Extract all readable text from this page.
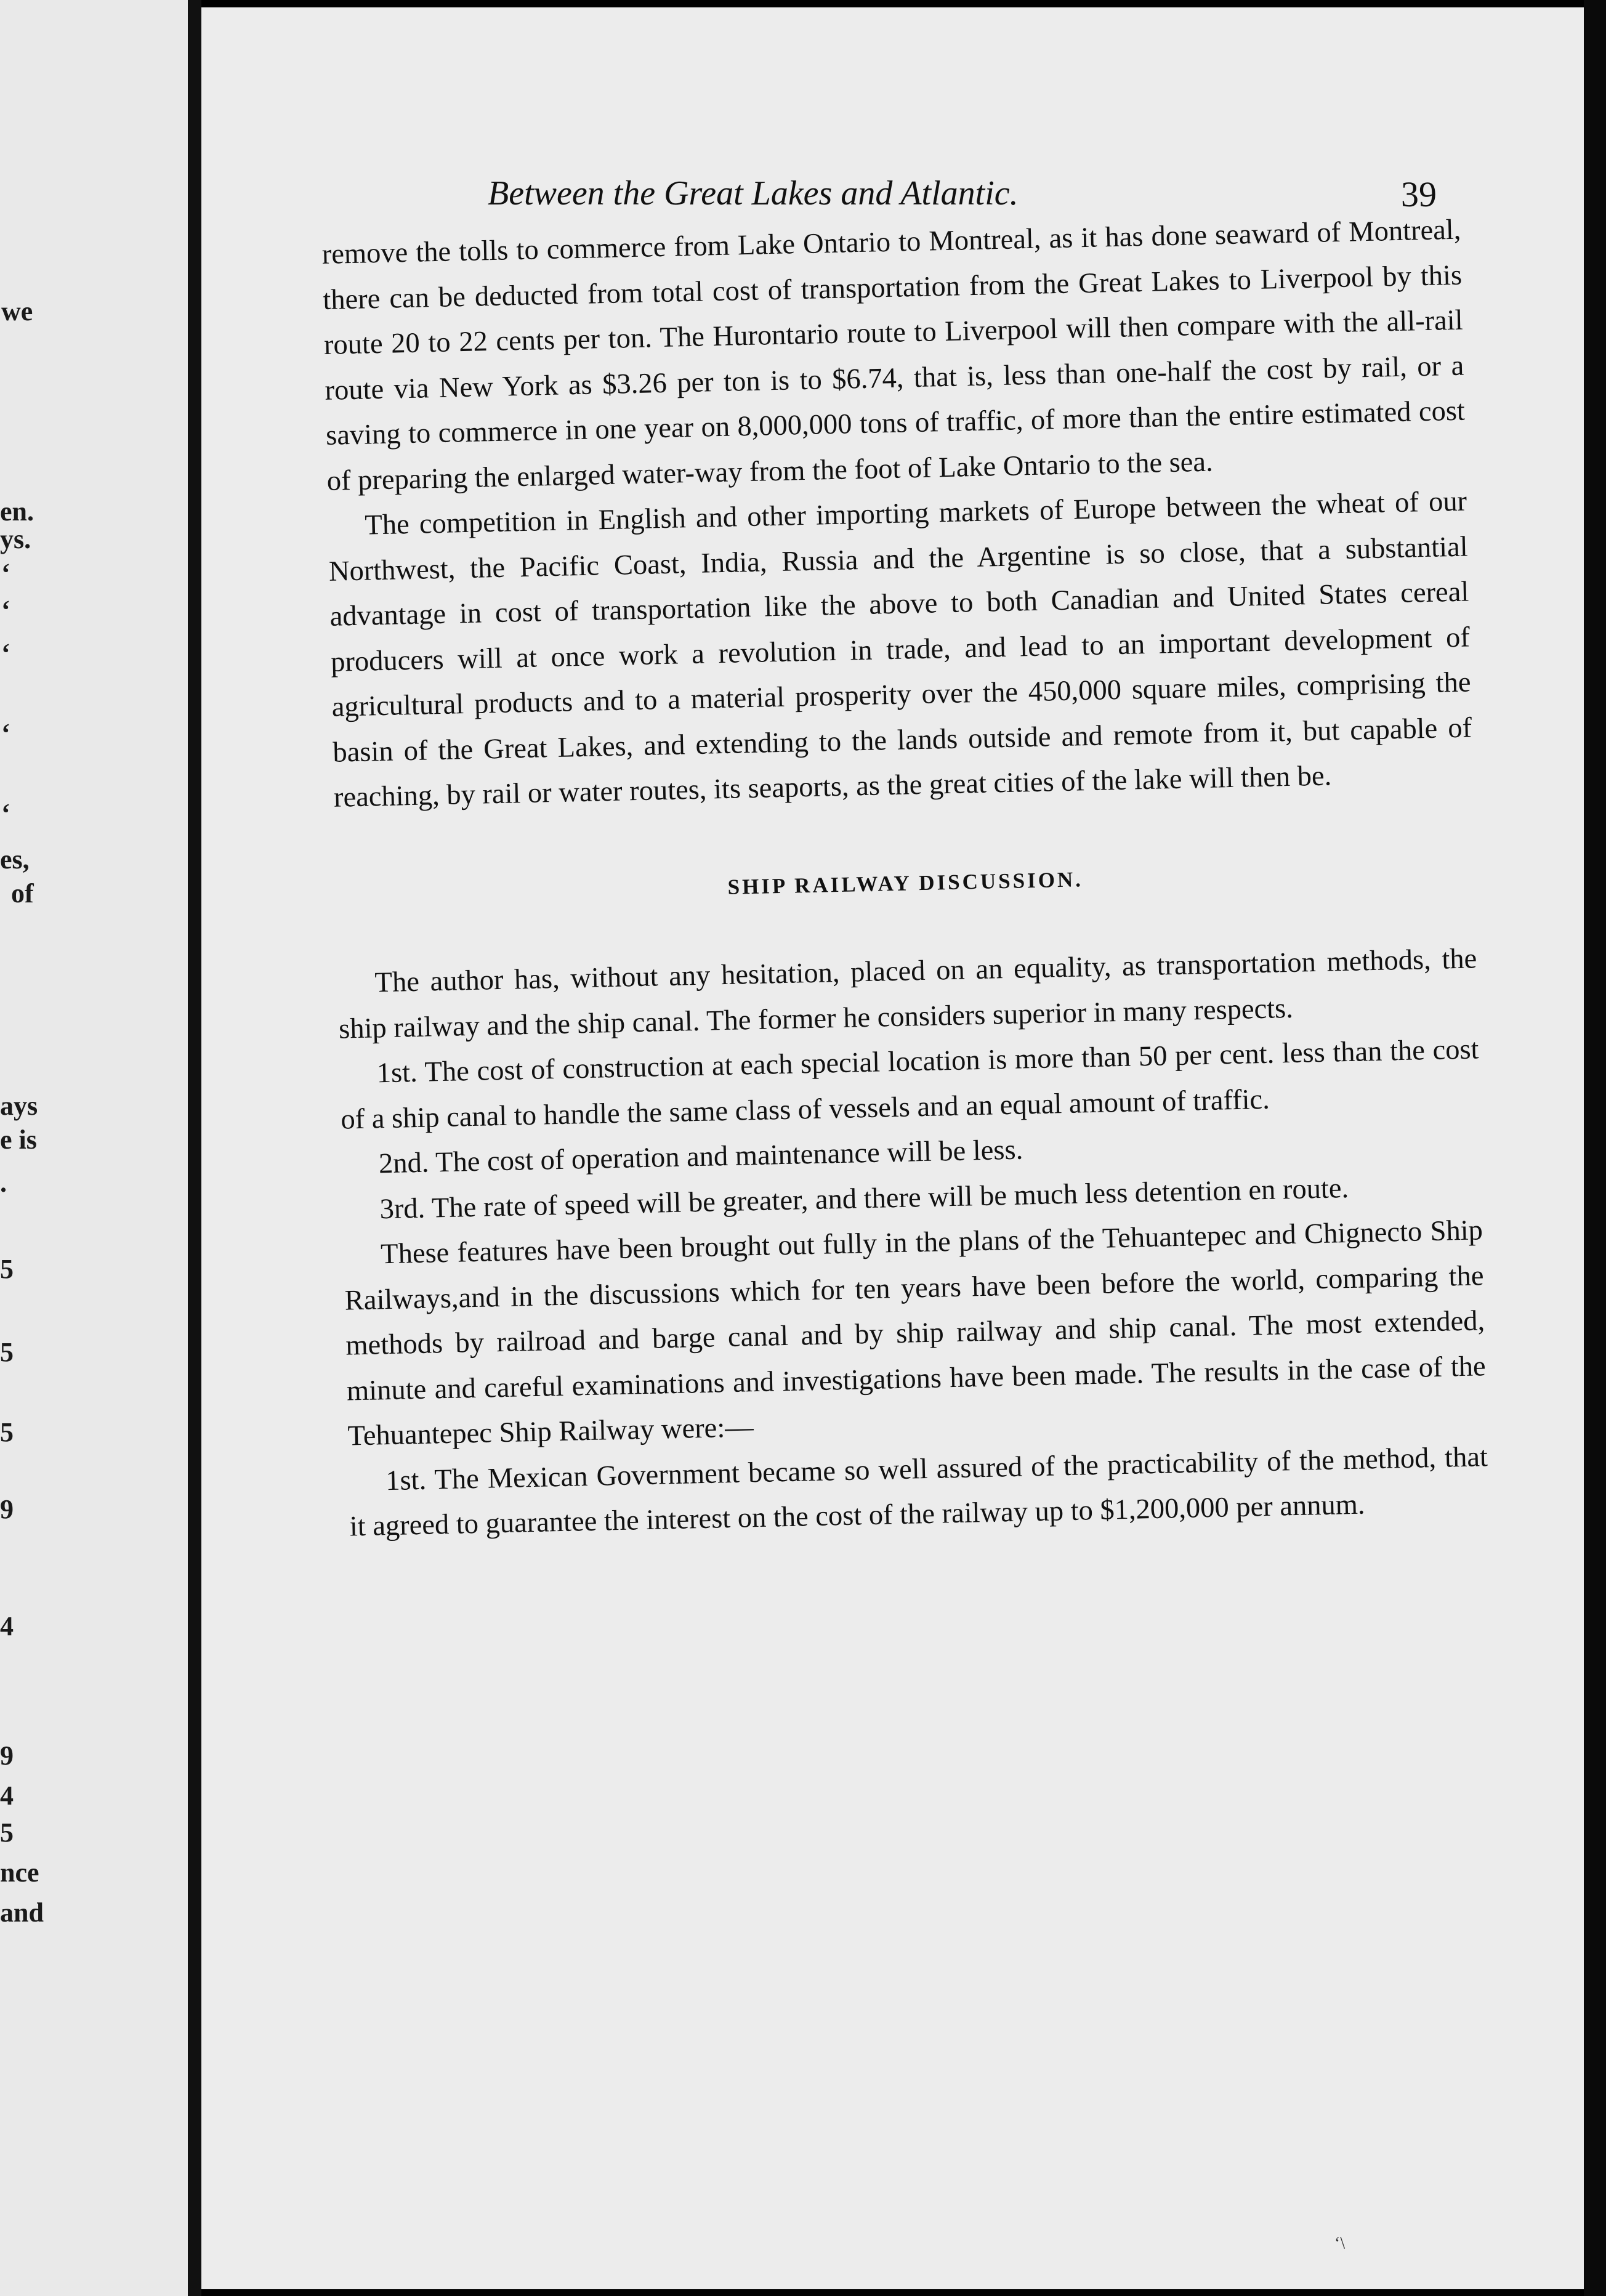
we
en.
ys.
‘
‘
‘
‘
‘
es,
of
ays
e is
.
5
5
5
9
4
9
4
5
nce
and
Between the Great Lakes and Atlantic.	39

remove the tolls to commerce from Lake Ontario to Montreal, as it has done seaward of Montreal, there can be deducted from total cost of transportation from the Great Lakes to Liverpool by this route 20 to 22 cents per ton. The Hurontario route to Liverpool will then compare with the all-rail route via New York as $3.26 per ton is to $6.74, that is, less than one-half the cost by rail, or a saving to commerce in one year on 8,000,000 tons of traffic, of more than the entire estimated cost of preparing the enlarged water-way from the foot of Lake Ontario to the sea.

The competition in English and other importing markets of Europe between the wheat of our Northwest, the Pacific Coast, India, Russia and the Argentine is so close, that a substantial advantage in cost of transportation like the above to both Canadian and United States cereal producers will at once work a revolution in trade, and lead to an important development of agricultural products and to a material prosperity over the 450,000 square miles, comprising the basin of the Great Lakes, and extending to the lands outside and remote from it, but capable of reaching, by rail or water routes, its seaports, as the great cities of the lake will then be.

SHIP RAILWAY DISCUSSION.

The author has, without any hesitation, placed on an equality, as transportation methods, the ship railway and the ship canal. The former he considers superior in many respects.

1st. The cost of construction at each special location is more than 50 per cent. less than the cost of a ship canal to handle the same class of vessels and an equal amount of traffic.

2nd. The cost of operation and maintenance will be less.

3rd. The rate of speed will be greater, and there will be much less detention en route.

These features have been brought out fully in the plans of the Tehuantepec and Chignecto Ship Railways,and in the discussions which for ten years have been before the world, comparing the methods by railroad and barge canal and by ship railway and ship canal. The most extended, minute and careful examinations and investigations have been made. The results in the case of the Tehuantepec Ship Railway were:—

1st. The Mexican Government became so well assured of the practicability of the method, that it agreed to guarantee the interest on the cost of the railway up to $1,200,000 per annum.

ʻ\
